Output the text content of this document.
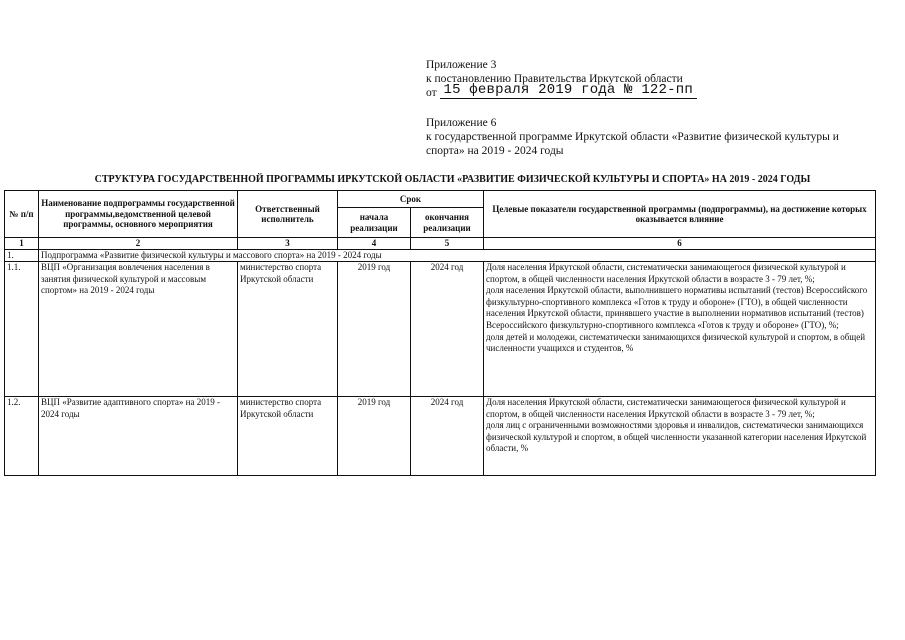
Приложение 3
к постановлению Правительства Иркутской области
от 15 февраля 2019 года № 122-пп
Приложение 6
к государственной программе Иркутской области «Развитие физической культуры и спорта» на 2019 - 2024 годы
СТРУКТУРА ГОСУДАРСТВЕННОЙ ПРОГРАММЫ ИРКУТСКОЙ ОБЛАСТИ «РАЗВИТИЕ ФИЗИЧЕСКОЙ КУЛЬТУРЫ И СПОРТА» НА 2019 - 2024 ГОДЫ
№ п/п	Наименование подпрограммы государственной программы,ведомственной целевой программы, основного мероприятия	Ответственный исполнитель	Срок		Целевые показатели государственной программы (подпрограммы), на достижение которых оказывается влияние
			начала реализации	окончания реализации	
1	2	3	4	5	6
1.	Подпрограмма «Развитие физической культуры и массового спорта» на 2019 - 2024 годы				
1.1.	ВЦП «Организация вовлечения населения в занятия физической культурой и массовым спортом» на 2019 - 2024 годы	министерство спорта Иркутской области	2019 год	2024 год	Доля населения Иркутской области, систематически занимающегося физической культурой и спортом, в общей численности населения Иркутской области в возрасте 3 - 79 лет, %;

доля населения Иркутской области, выполнившего нормативы испытаний (тестов) Всероссийского физкультурно-спортивного комплекса «Готов к труду и обороне» (ГТО), в общей численности населения Иркутской области, принявшего участие в выполнении нормативов испытаний (тестов) Всероссийского физкультурно-спортивного комплекса «Готов к труду и обороне» (ГТО), %;

доля детей и молодежи, систематически занимающихся физической культурой и спортом, в общей численности учащихся и студентов, %

1.2.	ВЦП «Развитие адаптивного спорта» на 2019 - 2024 годы	министерство спорта Иркутской области	2019 год	2024 год	Доля населения Иркутской области, систематически занимающегося физической культурой и спортом, в общей численности населения Иркутской области в возрасте 3 - 79 лет, %;

доля лиц с ограниченными возможностями здоровья и инвалидов, систематически занимающихся физической культурой и спортом, в общей численности указанной категории населения Иркутской области, %
